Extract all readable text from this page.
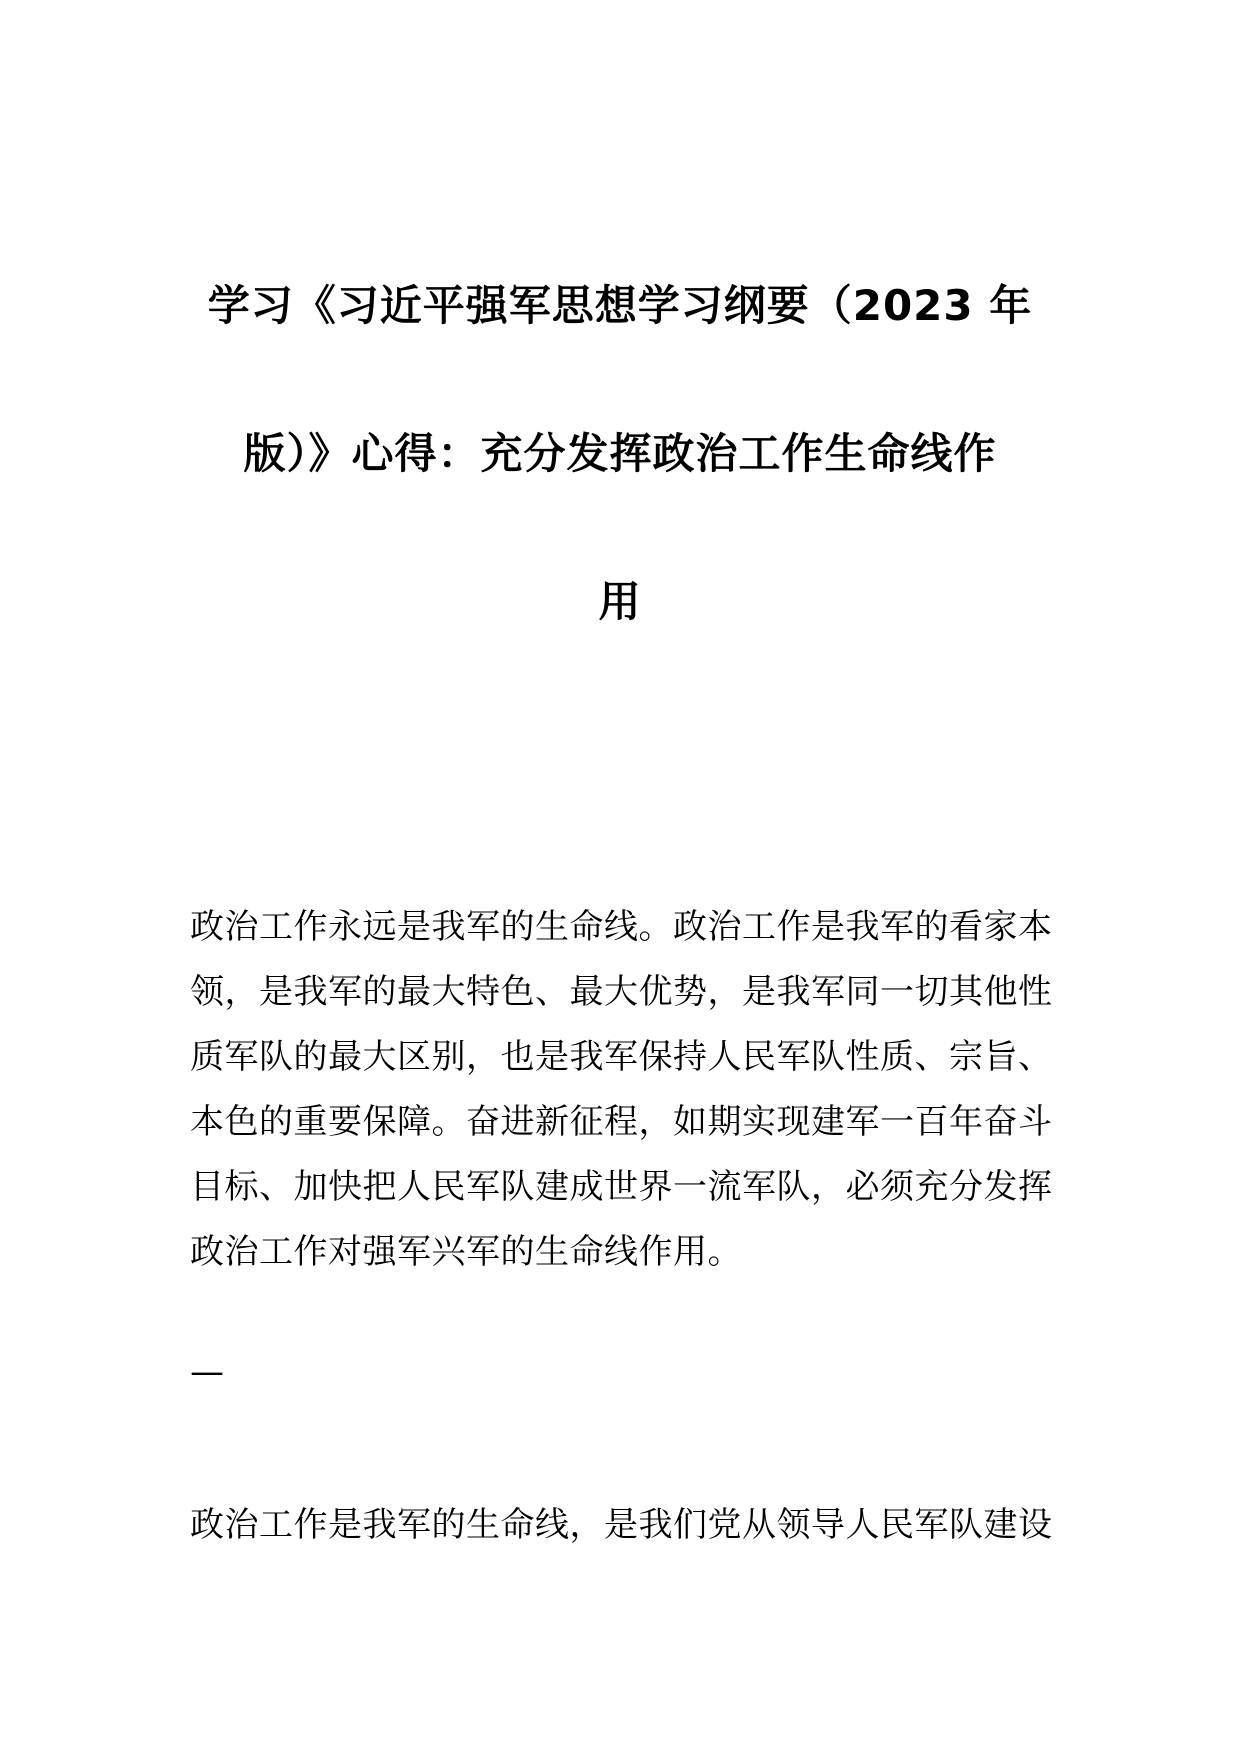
学习《习近平强军思想学习纲要（2023 年
版）》心得：充分发挥政治工作生命线作
用

政治工作永远是我军的生命线。政治工作是我军的看家本
领，是我军的最大特色、最大优势，是我军同一切其他性
质军队的最大区别，也是我军保持人民军队性质、宗旨、
本色的重要保障。奋进新征程，如期实现建军一百年奋斗
目标、加快把人民军队建成世界一流军队，必须充分发挥
政治工作对强军兴军的生命线作用。

—

政治工作是我军的生命线，是我们党从领导人民军队建设
